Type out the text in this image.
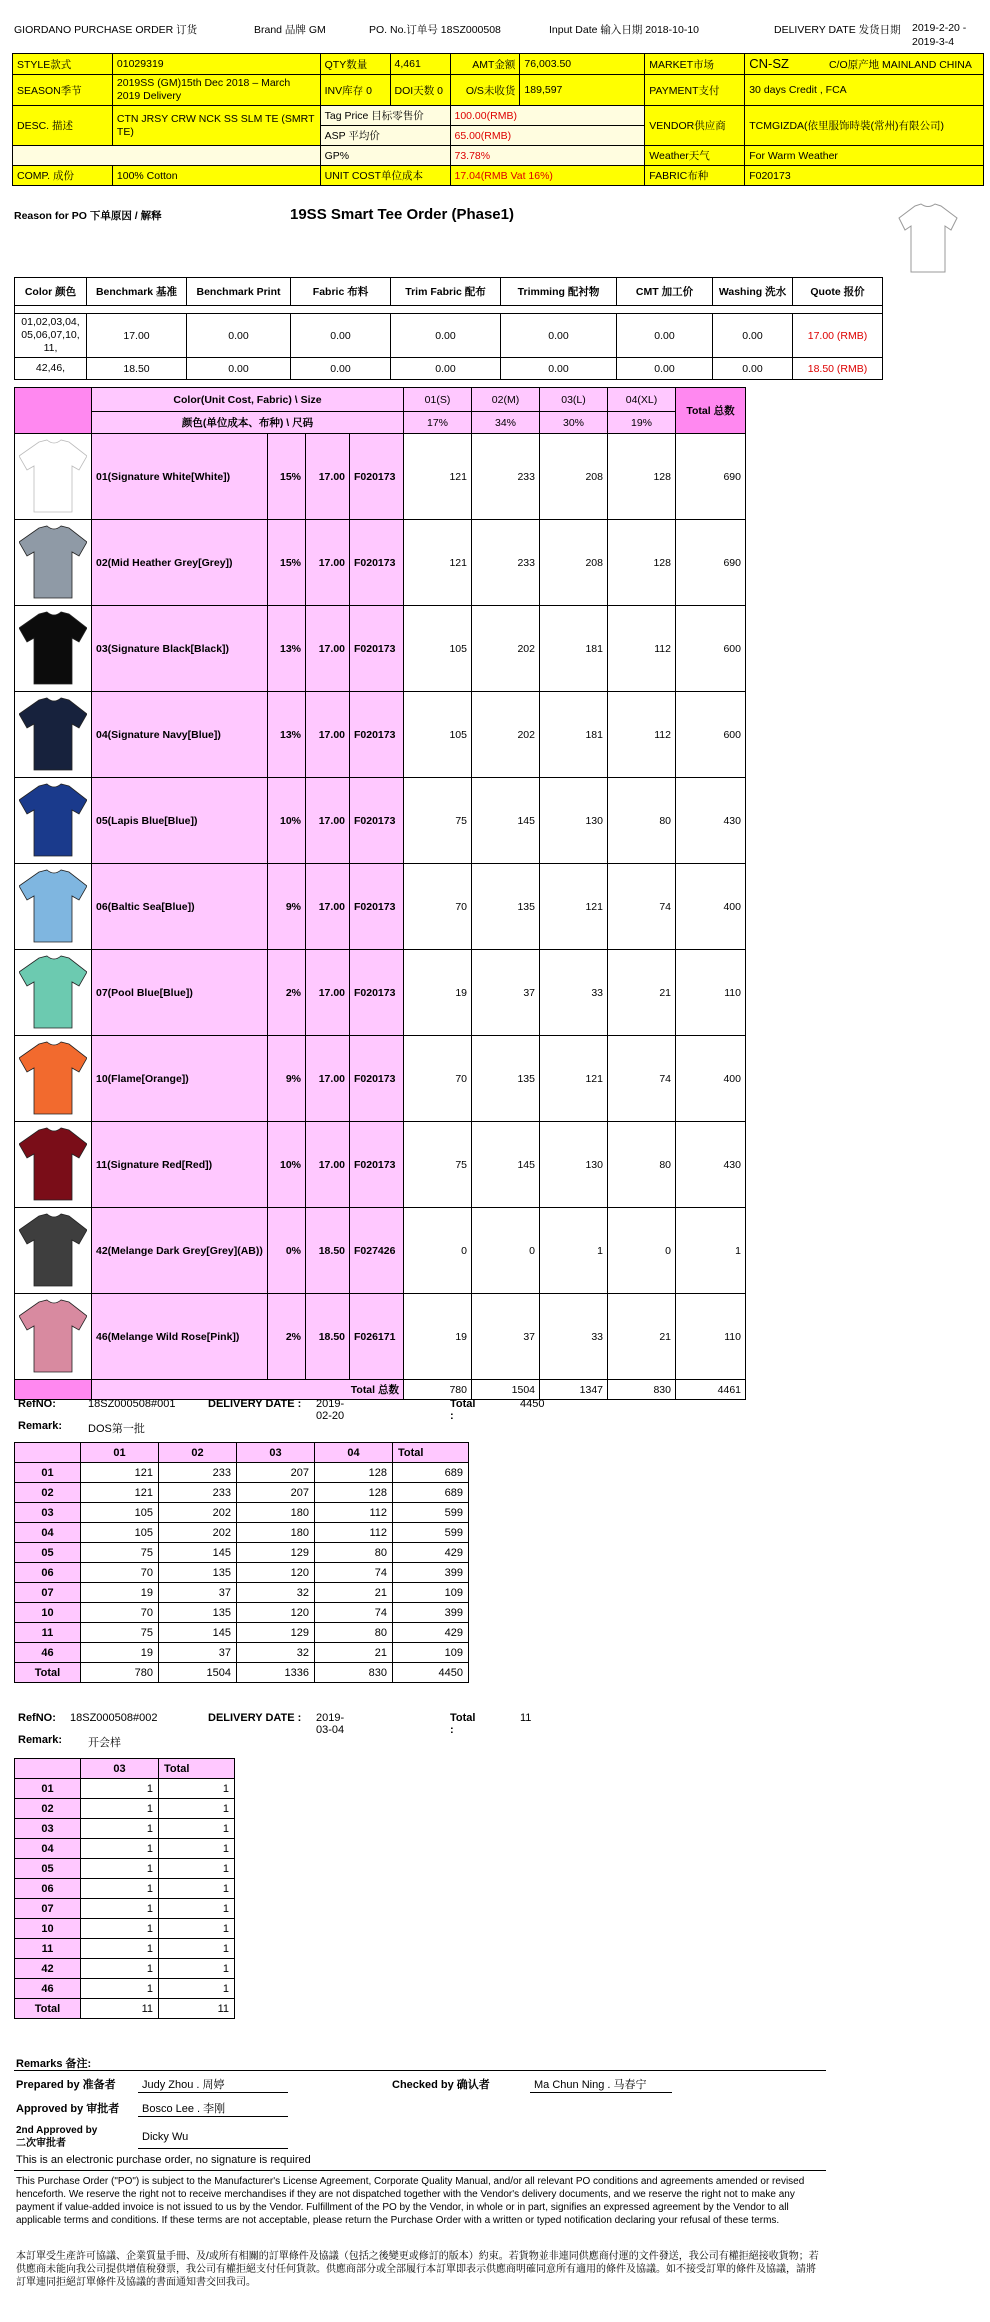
GIORDANO PURCHASE ORDER 订货	Brand 品牌 GM	PO. No.订单号 18SZ000508	Input Date 输入日期 2018-10-10	DELIVERY DATE 发货日期 2019-2-20 -
2019-3-4
STYLE款式	01029319	QTY数量	4,461	AMT金额	76,003.50	MARKET市场	CN-SZ C/O原产地 MAINLAND CHINA
SEASON季节	2019SS (GM)15th Dec 2018 – March 2019 Delivery	INV库存 0	DOI天数 0	O/S未收货	189,597	PAYMENT支付	30 days Credit , FCA
DESC. 描述	CTN JRSY CRW NCK SS SLM TE (SMRT TE)	Tag Price 目标零售价		100.00(RMB)		VENDOR供应商	TCMGIZDA(依里服饰時裝(常州)有限公司)
		ASP 平均价		65.00(RMB)			
		GP%		73.78%		Weather天气	For Warm Weather
COMP. 成份	100% Cotton	UNIT COST单位成本		17.04(RMB Vat 16%)		FABRIC布种	F020173
Reason for PO 下单原因 / 解释	19SS Smart Tee Order (Phase1)
Color 颜色	Benchmark 基准	Benchmark Print	Fabric 布料	Trim Fabric 配布	Trimming 配衬物	CMT 加工价	Washing 洗水	Quote 报价

01,02,03,04, 05,06,07,10, 11,	17.00	0.00	0.00	0.00	0.00	0.00	0.00	17.00 (RMB)
42,46,	18.50	0.00	0.00	0.00	0.00	0.00	0.00	18.50 (RMB)
	Color(Unit Cost, Fabric) \ Size				01(S)	02(M)	03(L)	04(XL)	Total 总数
	颜色(单位成本、布种) \ 尺码				17%	34%	30%	19%	
	01(Signature White[White])	15%	17.00	F020173	121	233	208	128	690
	02(Mid Heather Grey[Grey])	15%	17.00	F020173	121	233	208	128	690
	03(Signature Black[Black])	13%	17.00	F020173	105	202	181	112	600
	04(Signature Navy[Blue])	13%	17.00	F020173	105	202	181	112	600
	05(Lapis Blue[Blue])	10%	17.00	F020173	75	145	130	80	430
	06(Baltic Sea[Blue])	9%	17.00	F020173	70	135	121	74	400
	07(Pool Blue[Blue])	2%	17.00	F020173	19	37	33	21	110
	10(Flame[Orange])	9%	17.00	F020173	70	135	121	74	400
	11(Signature Red[Red])	10%	17.00	F020173	75	145	130	80	430
	42(Melange Dark Grey[Grey](AB))	0%	18.50	F027426	0	0	1	0	1
	46(Melange Wild Rose[Pink])	2%	18.50	F026171	19	37	33	21	110
	Total 总数				780	1504	1347	830	4461
RefNO:	18SZ000508#001	DELIVERY DATE : 2019-02-20
Total :
4450
Remark: DOS第一批
	01	02	03	04	Total
01	121	233	207	128	689
02	121	233	207	128	689
03	105	202	180	112	599
04	105	202	180	112	599
05	75	145	129	80	429
06	70	135	120	74	399
07	19	37	32	21	109
10	70	135	120	74	399
11	75	145	129	80	429
46	19	37	32	21	109
Total	780	1504	1336	830	4450
RefNO: 18SZ000508#002	DELIVERY DATE : 2019-03-04
Total :
11
Remark: 开会样
	03	Total
01	1	1
02	1	1
03	1	1
04	1	1
05	1	1
06	1	1
07	1	1
10	1	1
11	1	1
42	1	1
46	1	1
Total	11	11
Remarks 备注:
Prepared by 准备者 Judy Zhou . 周婷	Checked by 确认者	Ma Chun Ning . 马春宁
Approved by 审批者 Bosco Lee . 李刚
2nd Approved by
二次审批者
Dicky Wu
This is an electronic purchase order, no signature is required
This Purchase Order ("PO") is subject to the Manufacturer's License Agreement, Corporate Quality Manual, and/or all relevant PO conditions and agreements amended or revised henceforth. We reserve the right not to receive merchandises if they are not dispatched together with the Vendor's delivery documents, and we reserve the right not to make any payment if value-added invoice is not issued to us by the Vendor. Fulfillment of the PO by the Vendor, in whole or in part, signifies an expressed agreement by the Vendor to all applicable terms and conditions. If these terms are not acceptable, please return the Purchase Order with a written or typed notification declaring your refusal of these terms.
本訂單受生產許可協議、企業質量手冊、及/或所有相關的訂單條件及協議（包括之後變更或修訂的版本）約束。若貨物並非連同供應商付運的文件發送，我公司有權拒絕接收貨物；若供應商未能向我公司提供增值稅發票，我公司有權拒絕支付任何貨款。供應商部分或全部履行本訂單即表示供應商明確同意所有適用的條件及協議。如不接受訂單的條件及協議，請將訂單連同拒絕訂單條件及協議的書面通知書交回我司。
